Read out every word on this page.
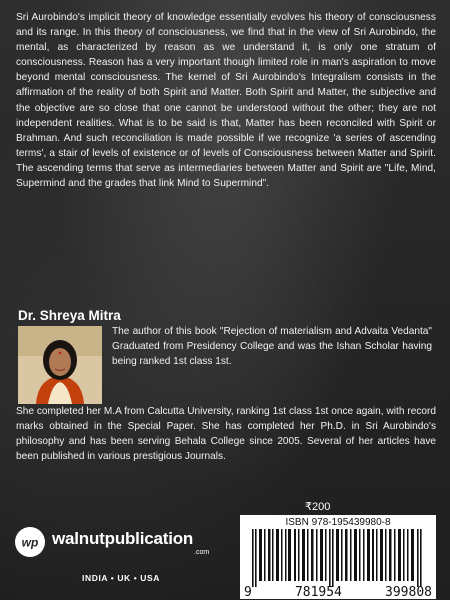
Sri Aurobindo's implicit theory of knowledge essentially evolves his theory of consciousness and its range. In this theory of consciousness, we find that in the view of Sri Aurobindo, the mental, as characterized by reason as we understand it, is only one stratum of consciousness. Reason has a very important though limited role in man's aspiration to move beyond mental consciousness. The kernel of Sri Aurobindo's Integralism consists in the affirmation of the reality of both Spirit and Matter. Both Spirit and Matter, the subjective and the objective are so close that one cannot be understood without the other; they are not independent realities. What is to be said is that, Matter has been reconciled with Spirit or Brahman. And such reconciliation is made possible if we recognize 'a series of ascending terms', a stair of levels of existence or of levels of Consciousness between Matter and Spirit. The ascending terms that serve as intermediaries between Matter and Spirit are "Life, Mind, Supermind and the grades that link Mind to Supermind".

Dr. Shreya Mitra

The author of this book "Rejection of materialism and Advaita Vedanta" Graduated from Presidency College and was the Ishan Scholar having being ranked 1st class 1st.

She completed her M.A from Calcutta University, ranking 1st class 1st once again, with record marks obtained in the Special Paper. She has completed her Ph.D. in Sri Aurobindo's philosophy and has been serving Behala College since 2005. Several of her articles have been published in various prestigious Journals.

₹200
ISBN 978-195439980-8
9	781954	399808
wp walnutpublication
.com
INDIA • UK • USA
